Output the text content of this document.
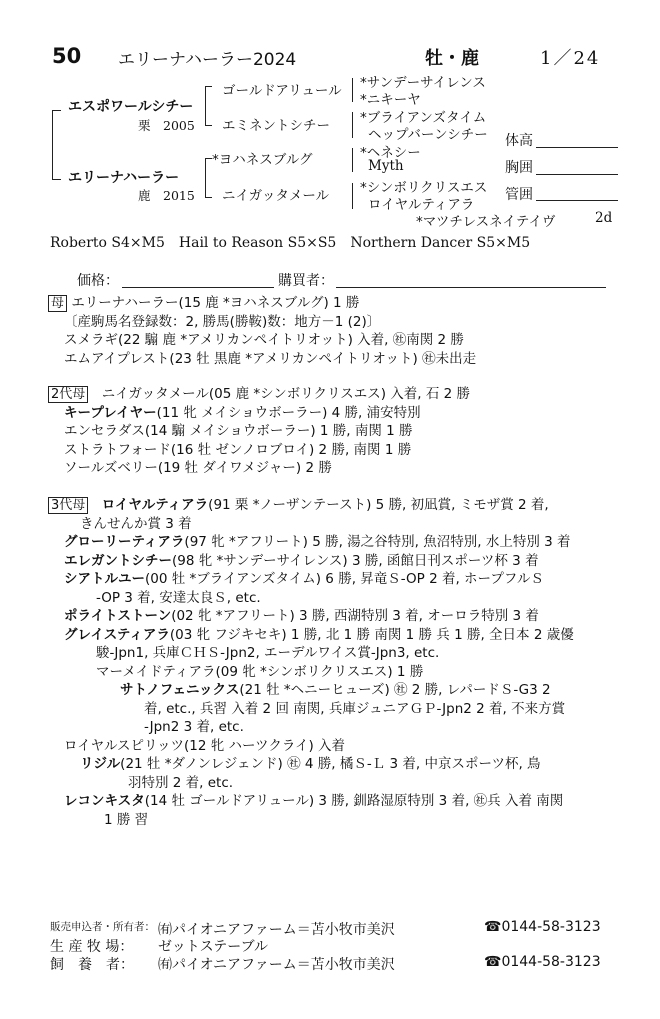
50 エリーナハーラー2024	牡・鹿	1／24
エスポワールシチー
栗　2005
エリーナハーラー
鹿　2015
ゴールドアリュール
エミネントシチー
*ヨハネスブルグ
ニイガッタメール
*サンデーサイレンス
*ニキーヤ
*ブライアンズタイム
ヘップバーンシチー
*ヘネシー
Myth
*シンボリクリスエス
ロイヤルティアラ
*マツチレスネイテイヴ	2d
Roberto S4×M5　Hail to Reason S5×S5　Northern Dancer S5×M5
体高
胸囲
管囲
価格：	購買者：
母 エリーナハーラー(15 鹿 *ヨハネスブルグ) 1 勝
〔産駒馬名登録数：2, 勝馬(勝鞍)数：地方－1 (2)〕
スメラギ(22 騸 鹿 *アメリカンペイトリオット) 入着, ㊓南関 2 勝
エムアイプレスト(23 牡 黒鹿 *アメリカンペイトリオット) ㊓未出走
2代母　 ニイガッタメール(05 鹿 *シンボリクリスエス) 入着, 石 2 勝
キープレイヤー(11 牝 メイショウボーラー) 4 勝, 浦安特別
エンセラダス(14 騸 メイショウボーラー) 1 勝, 南関 1 勝
ストラトフォード(16 牡 ゼンノロブロイ) 2 勝, 南関 1 勝
ソールズベリー(19 牡 ダイワメジャー) 2 勝
3代母　 ロイヤルティアラ(91 栗 *ノーザンテースト) 5 勝, 初凪賞, ミモザ賞 2 着,
きんせんか賞 3 着
グローリーティアラ(97 牝 *アフリート) 5 勝, 湯之谷特別, 魚沼特別, 水上特別 3 着
エレガントシチー(98 牝 *サンデーサイレンス) 3 勝, 函館日刊スポーツ杯 3 着
シアトルユー(00 牡 *ブライアンズタイム) 6 勝, 昇竜Ｓ-OP 2 着, ホープフルＳ
-OP 3 着, 安達太良Ｓ, etc.
ポライトストーン(02 牝 *アフリート) 3 勝, 西湖特別 3 着, オーロラ特別 3 着
グレイスティアラ(03 牝 フジキセキ) 1 勝, 北 1 勝 南関 1 勝 兵 1 勝, 全日本 2 歳優
駿-Jpn1, 兵庫ＣＨＳ-Jpn2, エーデルワイス賞-Jpn3, etc.
マーメイドティアラ(09 牝 *シンボリクリスエス) 1 勝
サトノフェニックス(21 牡 *ヘニーヒューズ) ㊓ 2 勝, レパードＳ-G3 2
着, etc., 兵習 入着 2 回 南関, 兵庫ジュニアＧＰ-Jpn2 2 着, 不来方賞
-Jpn2 3 着, etc.
ロイヤルスピリッツ(12 牝 ハーツクライ) 入着
リジル(21 牡 *ダノンレジェンド) ㊓ 4 勝, 橘Ｓ-Ｌ 3 着, 中京スポーツ杯, 鳥
羽特別 2 着, etc.
レコンキスタ(14 牡 ゴールドアリュール) 3 勝, 釧路湿原特別 3 着, ㊓兵 入着 南関
1 勝 習
販売申込者・所有者： ㈲パイオニアファーム＝苫小牧市美沢	☎0144-58-3123
生 産 牧 場： ゼットステーブル
飼　養　者： ㈲パイオニアファーム＝苫小牧市美沢	☎0144-58-3123
